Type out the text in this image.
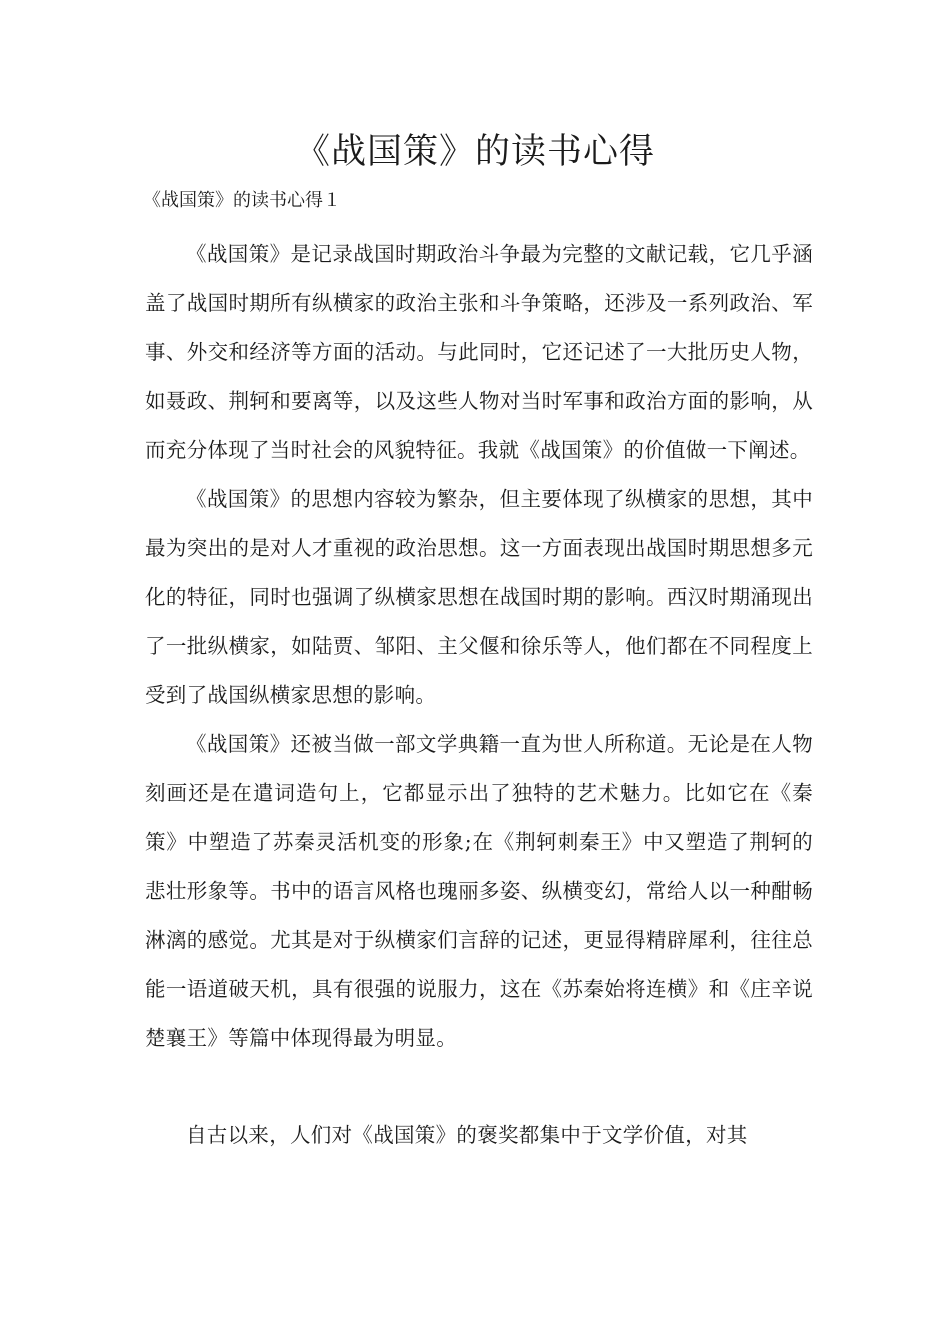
《战国策》的读书心得

《战国策》的读书心得１

《战国策》是记录战国时期政治斗争最为完整的文献记载，它几乎涵盖了战国时期所有纵横家的政治主张和斗争策略，还涉及一系列政治、军事、外交和经济等方面的活动。与此同时，它还记述了一大批历史人物，如聂政、荆轲和要离等，以及这些人物对当时军事和政治方面的影响，从而充分体现了当时社会的风貌特征。我就《战国策》的价值做一下阐述。

《战国策》的思想内容较为繁杂，但主要体现了纵横家的思想，其中最为突出的是对人才重视的政治思想。这一方面表现出战国时期思想多元化的特征，同时也强调了纵横家思想在战国时期的影响。西汉时期涌现出了一批纵横家，如陆贾、邹阳、主父偃和徐乐等人，他们都在不同程度上受到了战国纵横家思想的影响。

《战国策》还被当做一部文学典籍一直为世人所称道。无论是在人物刻画还是在遣词造句上，它都显示出了独特的艺术魅力。比如它在《秦策》中塑造了苏秦灵活机变的形象;在《荆轲刺秦王》中又塑造了荆轲的悲壮形象等。书中的语言风格也瑰丽多姿、纵横变幻，常给人以一种酣畅淋漓的感觉。尤其是对于纵横家们言辞的记述，更显得精辟犀利，往往总能一语道破天机，具有很强的说服力，这在《苏秦始将连横》和《庄辛说楚襄王》等篇中体现得最为明显。

自古以来，人们对《战国策》的褒奖都集中于文学价值，对其
